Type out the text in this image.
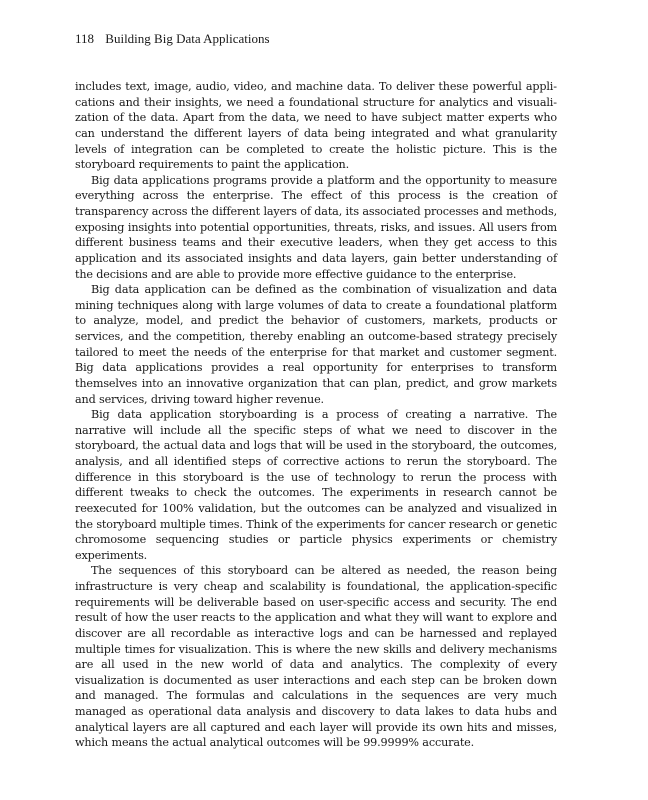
118 Building Big Data Applications

includes text, image, audio, video, and machine data. To deliver these powerful applications and their insights, we need a foundational structure for analytics and visualization of the data. Apart from the data, we need to have subject matter experts who can understand the different layers of data being integrated and what granularity levels of integration can be completed to create the holistic picture. This is the storyboard requirements to paint the application.

Big data applications programs provide a platform and the opportunity to measure everything across the enterprise. The effect of this process is the creation of transparency across the different layers of data, its associated processes and methods, exposing insights into potential opportunities, threats, risks, and issues. All users from different business teams and their executive leaders, when they get access to this application and its associated insights and data layers, gain better understanding of the decisions and are able to provide more effective guidance to the enterprise.

Big data application can be defined as the combination of visualization and data mining techniques along with large volumes of data to create a foundational platform to analyze, model, and predict the behavior of customers, markets, products or services, and the competition, thereby enabling an outcome-based strategy precisely tailored to meet the needs of the enterprise for that market and customer segment. Big data applications provides a real opportunity for enterprises to transform themselves into an innovative organization that can plan, predict, and grow markets and services, driving toward higher revenue.

Big data application storyboarding is a process of creating a narrative. The narrative will include all the specific steps of what we need to discover in the storyboard, the actual data and logs that will be used in the storyboard, the outcomes, analysis, and all identified steps of corrective actions to rerun the storyboard. The difference in this storyboard is the use of technology to rerun the process with different tweaks to check the outcomes. The experiments in research cannot be reexecuted for 100% validation, but the outcomes can be analyzed and visualized in the storyboard multiple times. Think of the experiments for cancer research or genetic chromosome sequencing studies or particle physics experiments or chemistry experiments.

The sequences of this storyboard can be altered as needed, the reason being infrastructure is very cheap and scalability is foundational, the application-specific requirements will be deliverable based on user-specific access and security. The end result of how the user reacts to the application and what they will want to explore and discover are all recordable as interactive logs and can be harnessed and replayed multiple times for visualization. This is where the new skills and delivery mechanisms are all used in the new world of data and analytics. The complexity of every visualization is documented as user interactions and each step can be broken down and managed. The formulas and calculations in the sequences are very much managed as operational data analysis and discovery to data lakes to data hubs and analytical layers are all captured and each layer will provide its own hits and misses, which means the actual analytical outcomes will be 99.9999% accurate.
